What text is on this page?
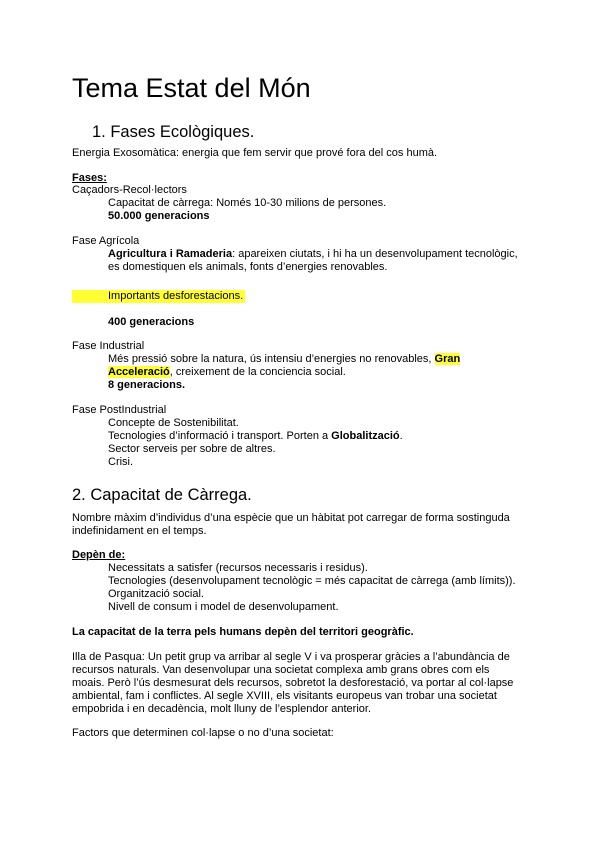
Tema Estat del Món
1. Fases Ecològiques.
Energia Exosomàtica: energia que fem servir que prové fora del cos humà.
Fases:
Caçadors-Recol·lectors
Capacitat de càrrega: Només 10-30 milions de persones.
50.000 generacions
Fase Agrícola
Agricultura i Ramaderia: apareixen ciutats, i hi ha un desenvolupament tecnològic,
es domestiquen els animals, fonts d’energies renovables.
Importants desforestacions.
400 generacions
Fase Industrial
Més pressió sobre la natura, ús intensiu d’energies no renovables, Gran
Acceleració, creixement de la conciencia social.
8 generacions.
Fase PostIndustrial
Concepte de Sostenibilitat.
Tecnologies d’informació i transport. Porten a Globalització.
Sector serveis per sobre de altres.
Crisi.
2. Capacitat de Càrrega.
Nombre màxim d’individus d’una espècie que un hàbitat pot carregar de forma sostinguda
indefinidament en el temps.
Depèn de:
Necessitats a satisfer (recursos necessaris i residus).
Tecnologies (desenvolupament tecnològic = més capacitat de càrrega (amb límits)).
Organització social.
Nivell de consum i model de desenvolupament.
La capacitat de la terra pels humans depèn del territori geogràfic.
Illa de Pasqua: Un petit grup va arribar al segle V i va prosperar gràcies a l’abundància de
recursos naturals. Van desenvolupar una societat complexa amb grans obres com els
moais. Però l’ús desmesurat dels recursos, sobretot la desforestació, va portar al col·lapse
ambiental, fam i conflictes. Al segle XVIII, els visitants europeus van trobar una societat
empobrida i en decadència, molt lluny de l’esplendor anterior.
Factors que determinen col·lapse o no d’una societat:
